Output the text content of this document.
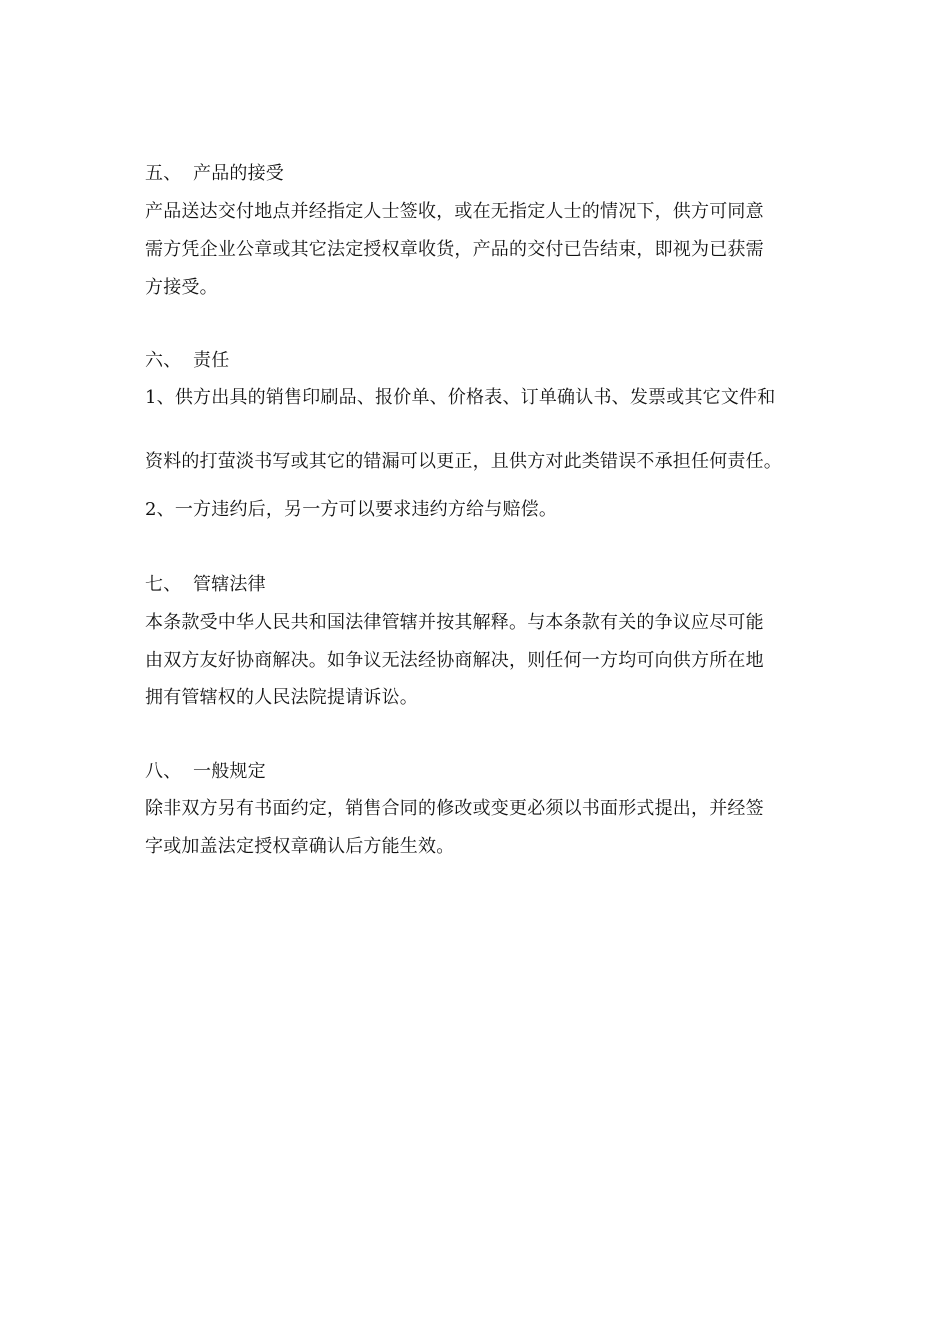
五、 产品的接受
产品送达交付地点并经指定人士签收，或在无指定人士的情况下，供方可同意
需方凭企业公章或其它法定授权章收货，产品的交付已告结束，即视为已获需
方接受。
六、 责任
1、供方出具的销售印刷品、报价单、价格表、订单确认书、发票或其它文件和
资料的打萤淡书写或其它的错漏可以更正，且供方对此类错误不承担任何责任。
2、一方违约后，另一方可以要求违约方给与赔偿。
七、 管辖法律
本条款受中华人民共和国法律管辖并按其解释。与本条款有关的争议应尽可能
由双方友好协商解决。如争议无法经协商解决，则任何一方均可向供方所在地
拥有管辖权的人民法院提请诉讼。
八、 一般规定
除非双方另有书面约定，销售合同的修改或变更必须以书面形式提出，并经签
字或加盖法定授权章确认后方能生效。
